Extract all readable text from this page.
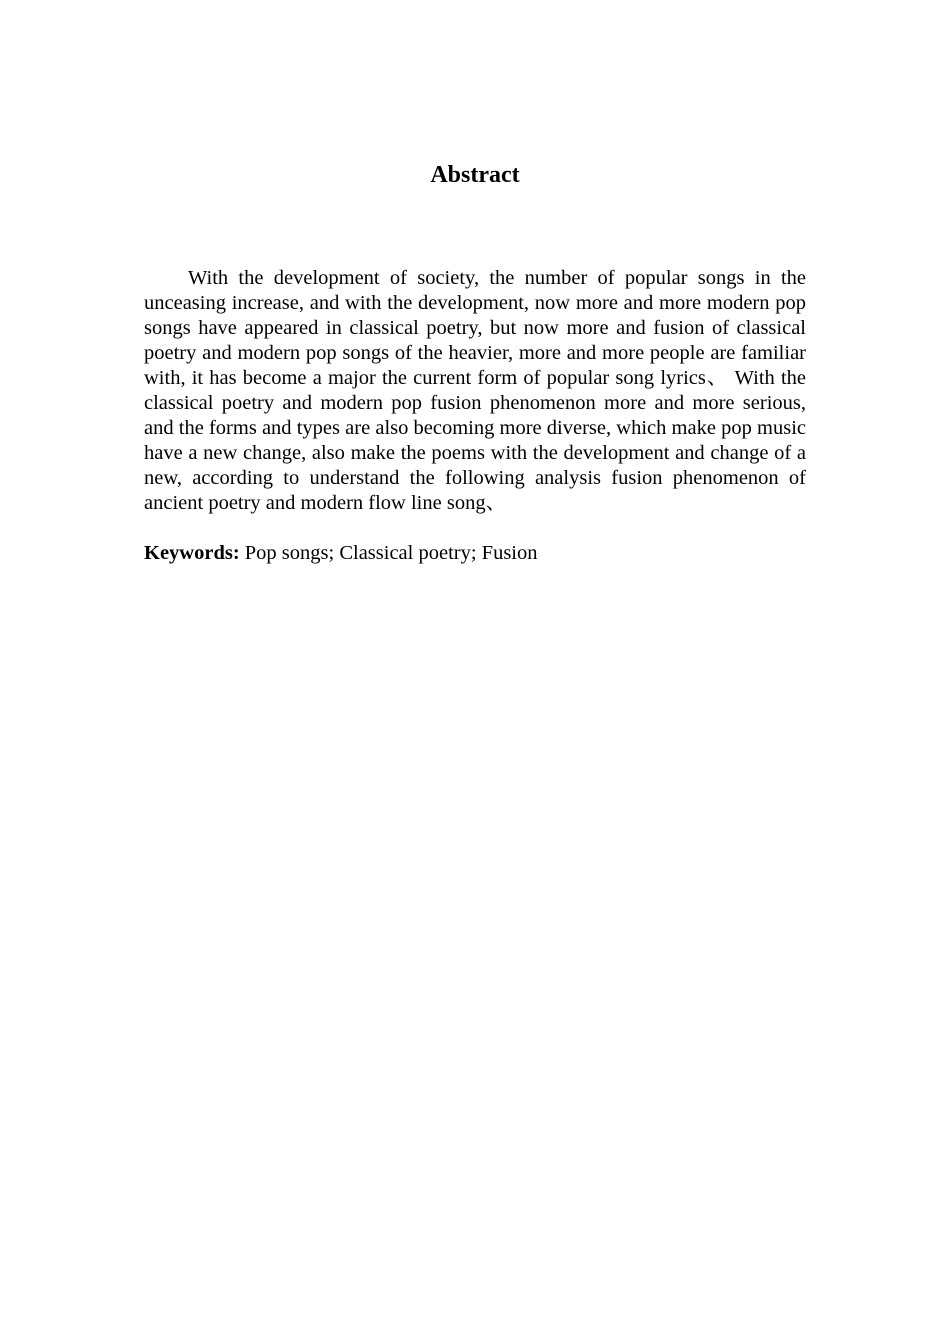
Abstract

With the development of society, the number of popular songs in the unceasing increase, and with the development, now more and more modern pop songs have appeared in classical poetry, but now more and fusion of classical poetry and modern pop songs of the heavier, more and more people are familiar with, it has become a major the current form of popular song lyrics、 With the classical poetry and modern pop fusion phenomenon more and more serious, and the forms and types are also becoming more diverse, which make pop music have a new change, also make the poems with the development and change of a new, according to understand the following analysis fusion phenomenon of ancient poetry and modern flow line song、

Keywords: Pop songs; Classical poetry; Fusion
